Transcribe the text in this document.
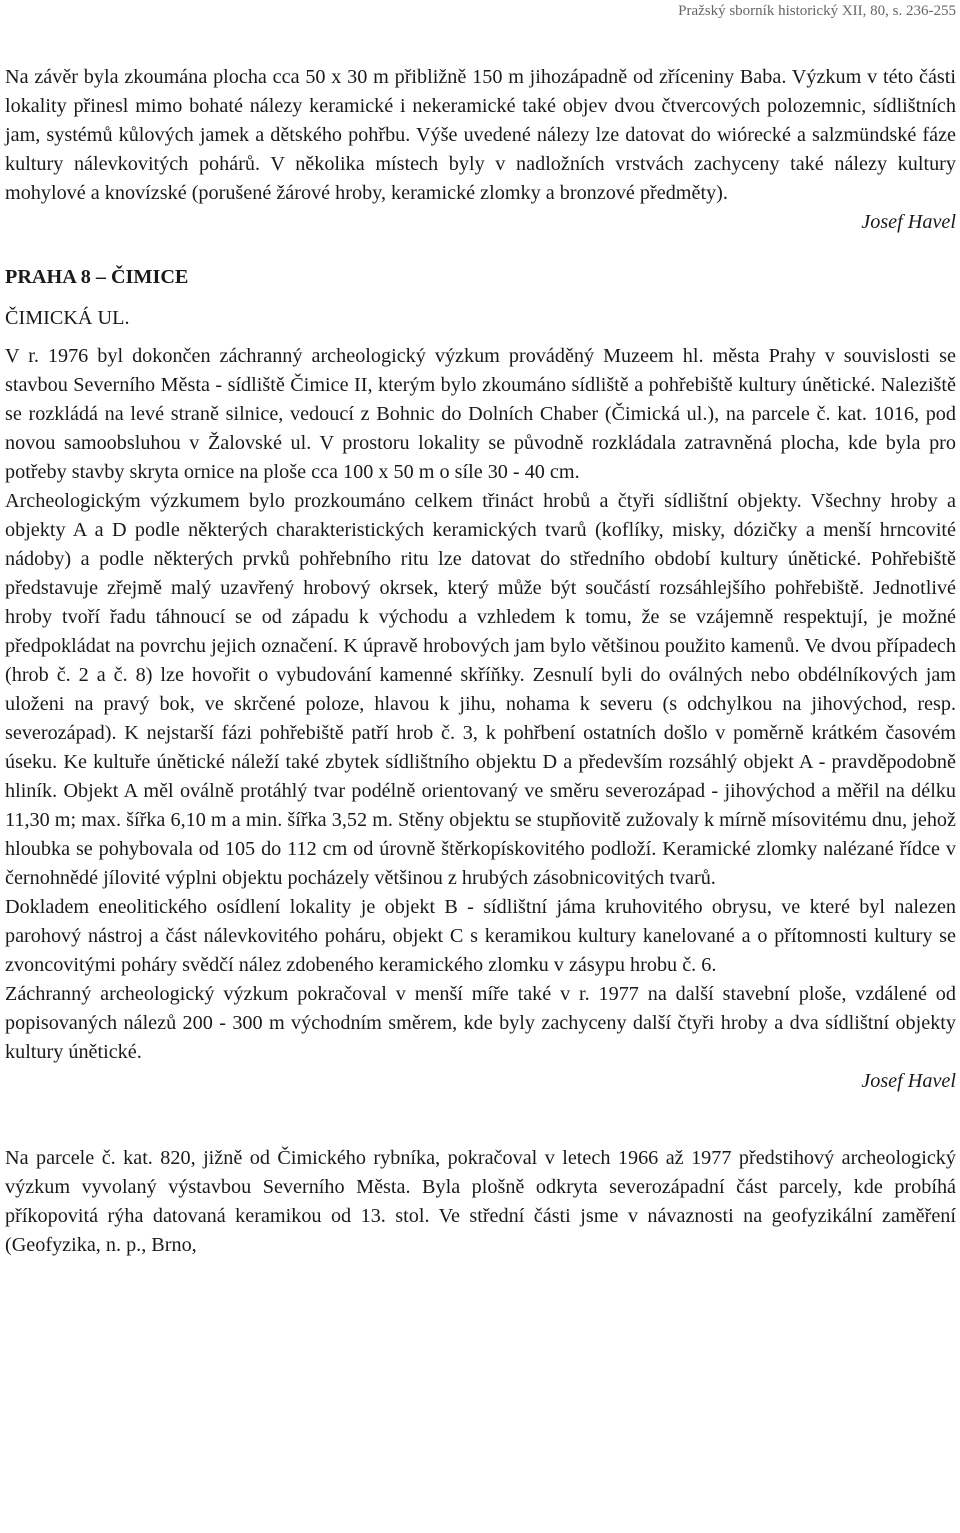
Pražský sborník historický XII, 80, s. 236-255

Na závěr byla zkoumána plocha cca 50 x 30 m přibližně 150 m jihozápadně od zříceniny Baba. Výzkum v této části lokality přinesl mimo bohaté nálezy keramické i nekeramické také objev dvou čtvercových polozemnic, sídlištních jam, systémů kůlových jamek a dětského pohřbu. Výše uvedené nálezy lze datovat do wiórecké a salzmündské fáze kultury nálevkovitých pohárů. V několika místech byly v nadložních vrstvách zachyceny také nálezy kultury mohylové a knovízské (porušené žárové hroby, keramické zlomky a bronzové předměty).

Josef Havel
PRAHA 8 – ČIMICE
ČIMICKÁ UL.

V r. 1976 byl dokončen záchranný archeologický výzkum prováděný Muzeem hl. města Prahy v souvislosti se stavbou Severního Města - sídliště Čimice II, kterým bylo zkoumáno sídliště a pohřebiště kultury únětické. Naleziště se rozkládá na levé straně silnice, vedoucí z Bohnic do Dolních Chaber (Čimická ul.), na parcele č. kat. 1016, pod novou samoobsluhou v Žalovské ul. V prostoru lokality se původně rozkládala zatravněná plocha, kde byla pro potřeby stavby skryta ornice na ploše cca 100 x 50 m o síle 30 - 40 cm.

Archeologickým výzkumem bylo prozkoumáno celkem třináct hrobů a čtyři sídlištní objekty. Všechny hroby a objekty A a D podle některých charakteristických keramických tvarů (koflíky, misky, dózičky a menší hrncovité nádoby) a podle některých prvků pohřebního ritu lze datovat do středního období kultury únětické. Pohřebiště představuje zřejmě malý uzavřený hrobový okrsek, který může být součástí rozsáhlejšího pohřebiště. Jednotlivé hroby tvoří řadu táhnoucí se od západu k východu a vzhledem k tomu, že se vzájemně respektují, je možné předpokládat na povrchu jejich označení. K úpravě hrobových jam bylo většinou použito kamenů. Ve dvou případech (hrob č. 2 a č. 8) lze hovořit o vybudování kamenné skříňky. Zesnulí byli do oválných nebo obdélníkových jam uloženi na pravý bok, ve skrčené poloze, hlavou k jihu, nohama k severu (s odchylkou na jihovýchod, resp. severozápad). K nejstarší fázi pohřebiště patří hrob č. 3, k pohřbení ostatních došlo v poměrně krátkém časovém úseku. Ke kultuře únětické náleží také zbytek sídlištního objektu D a především rozsáhlý objekt A - pravděpodobně hliník. Objekt A měl oválně protáhlý tvar podélně orientovaný ve směru severozápad - jihovýchod a měřil na délku 11,30 m; max. šířka 6,10 m a min. šířka 3,52 m. Stěny objektu se stupňovitě zužovaly k mírně mísovitému dnu, jehož hloubka se pohybovala od 105 do 112 cm od úrovně štěrkopískovitého podloží. Keramické zlomky nalézané řídce v černohnědé jílovité výplni objektu pocházely většinou z hrubých zásobnicovitých tvarů.

Dokladem eneolitického osídlení lokality je objekt B - sídlištní jáma kruhovitého obrysu, ve které byl nalezen parohový nástroj a část nálevkovitého poháru, objekt C s keramikou kultury kanelované a o přítomnosti kultury se zvoncovitými poháry svědčí nález zdobeného keramického zlomku v zásypu hrobu č. 6.

Záchranný archeologický výzkum pokračoval v menší míře také v r. 1977 na další stavební ploše, vzdálené od popisovaných nálezů 200 - 300 m východním směrem, kde byly zachyceny další čtyři hroby a dva sídlištní objekty kultury únětické.

Josef Havel

Na parcele č. kat. 820, jižně od Čimického rybníka, pokračoval v letech 1966 až 1977 předstihový archeologický výzkum vyvolaný výstavbou Severního Města. Byla plošně odkryta severozápadní část parcely, kde probíhá příkopovitá rýha datovaná keramikou od 13. stol. Ve střední části jsme v návaznosti na geofyzikální zaměření (Geofyzika, n. p., Brno,
